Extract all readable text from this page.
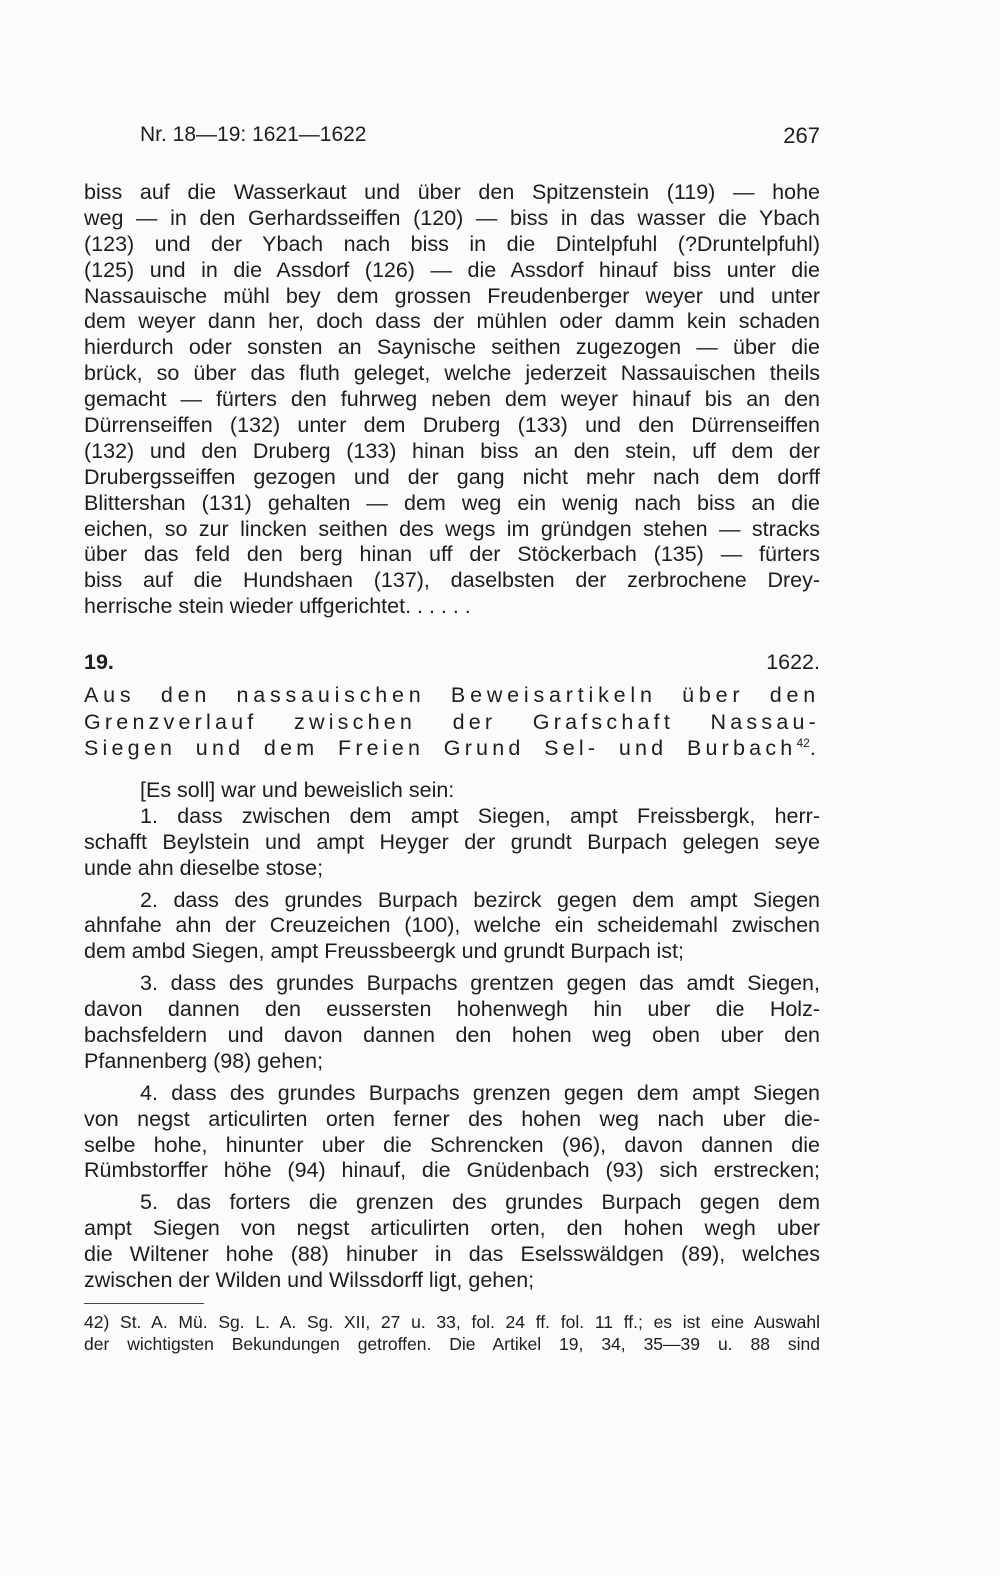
Nr. 18—19: 1621—1622	267
biss auf die Wasserkaut und über den Spitzenstein (119) — hohe
weg — in den Gerhardsseiffen (120) — biss in das wasser die Ybach
(123) und der Ybach nach biss in die Dintelpfuhl (?Druntelpfuhl)
(125) und in die Assdorf (126) — die Assdorf hinauf biss unter die
Nassauische mühl bey dem grossen Freudenberger weyer und unter
dem weyer dann her, doch dass der mühlen oder damm kein schaden
hierdurch oder sonsten an Saynische seithen zugezogen — über die
brück, so über das fluth geleget, welche jederzeit Nassauischen theils
gemacht — fürters den fuhrweg neben dem weyer hinauf bis an den
Dürrenseiffen (132) unter dem Druberg (133) und den Dürrenseiffen
(132) und den Druberg (133) hinan biss an den stein, uff dem der
Drubergsseiffen gezogen und der gang nicht mehr nach dem dorff
Blittershan (131) gehalten — dem weg ein wenig nach biss an die
eichen, so zur lincken seithen des wegs im gründgen stehen — stracks
über das feld den berg hinan uff der Stöckerbach (135) — fürters
biss auf die Hundshaen (137), daselbsten der zerbrochene Drey-
herrische stein wieder uffgerichtet. . . . . .
19.	1622.
Aus den nassauischen Beweisartikeln über den
Grenzverlauf zwischen der Grafschaft Nassau-
Siegen und dem Freien Grund Sel- und Burbach$^{42}$.
[Es soll] war und beweislich sein:
1. dass zwischen dem ampt Siegen, ampt Freissbergk, herr-
schafft Beylstein und ampt Heyger der grundt Burpach gelegen seye
unde ahn dieselbe stose;
2. dass des grundes Burpach bezirck gegen dem ampt Siegen
ahnfahe ahn der Creuzeichen (100), welche ein scheidemahl zwischen
dem ambd Siegen, ampt Freussbeergk und grundt Burpach ist;
3. dass des grundes Burpachs grentzen gegen das amdt Siegen,
davon dannen den eussersten hohenwegh hin uber die Holz-
bachsfeldern und davon dannen den hohen weg oben uber den
Pfannenberg (98) gehen;
4. dass des grundes Burpachs grenzen gegen dem ampt Siegen
von negst articulirten orten ferner des hohen weg nach uber die-
selbe hohe, hinunter uber die Schrencken (96), davon dannen die
Rümbstorffer höhe (94) hinauf, die Gnüdenbach (93) sich erstrecken;
5. das forters die grenzen des grundes Burpach gegen dem
ampt Siegen von negst articulirten orten, den hohen wegh uber
die Wiltener hohe (88) hinuber in das Eselsswäldgen (89), welches
zwischen der Wilden und Wilssdorff ligt, gehen;
42) St. A. Mü. Sg. L. A. Sg. XII, 27 u. 33, fol. 24 ff. fol. 11 ff.; es ist eine Auswahl
der wichtigsten Bekundungen getroffen. Die Artikel 19, 34, 35—39 u. 88 sind
